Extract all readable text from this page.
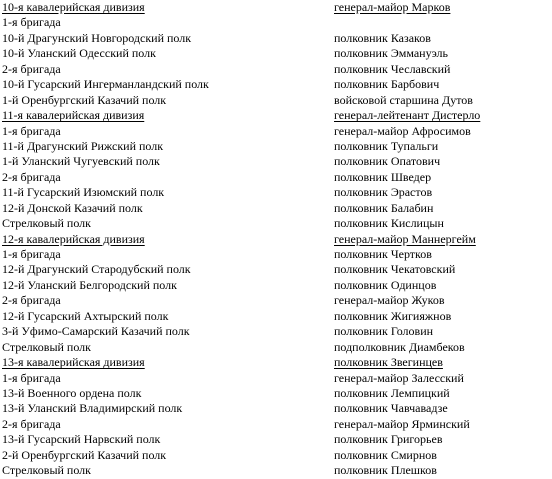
10-я кавалерийская дивизия	генерал-майор Марков
1-я бригада
10-й Драгунский Новгородский полк	полковник Казаков
10-й Уланский Одесский полк	полковник Эммануэль
2-я бригада	полковник Чеславский
10-й Гусарский Ингерманландский полк	полковник Барбович
1-й Оренбургский Казачий полк	войсковой старшина Дутов
11-я кавалерийская дивизия	генерал-лейтенант Дистерло
1-я бригада	генерал-майор Афросимов
11-й Драгунский Рижский полк	полковник Тупальги
1-й Уланский Чугуевский полк	полковник Опатович
2-я бригада	полковник Шведер
11-й Гусарский Изюмский полк	полковник Эрастов
12-й Донской Казачий полк	полковник Балабин
Стрелковый полк	полковник Кислицын
12-я кавалерийская дивизия	генерал-майор Маннергейм
1-я бригада	полковник Чертков
12-й Драгунский Стародубский полк	полковник Чекатовский
12-й Уланский Белгородский полк	полковник Одинцов
2-я бригада	генерал-майор Жуков
12-й Гусарский Ахтырский полк	полковник Жигияжнов
3-й Уфимо-Самарский Казачий полк	полковник Головин
Стрелковый полк	подполковник Диамбеков
13-я кавалерийская дивизия	полковник Звегинцев
1-я бригада	генерал-майор Залесский
13-й Военного ордена полк	полковник Лемпицкий
13-й Уланский Владимирский полк	полковник Чавчавадзе
2-я бригада	генерал-майор Ярминский
13-й Гусарский Нарвский полк	полковник Григорьев
2-й Оренбургский Казачий полк	полковник Смирнов
Стрелковый полк	полковник Плешков
